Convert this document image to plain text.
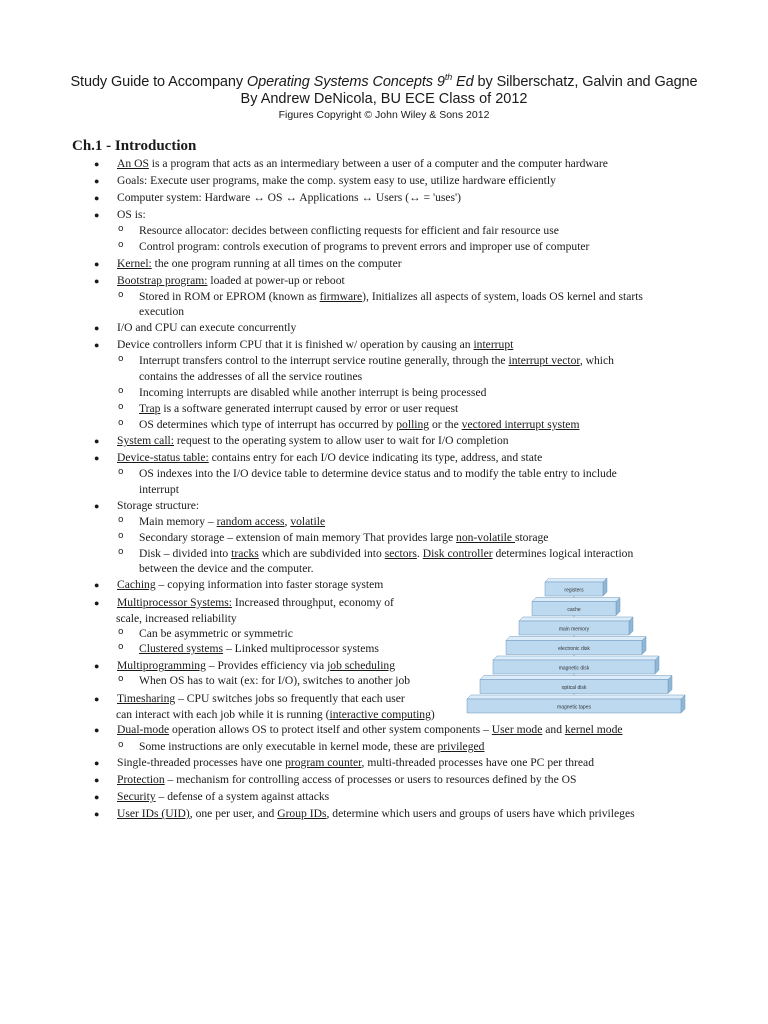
Study Guide to Accompany Operating Systems Concepts 9th Ed by Silberschatz, Galvin and Gagne
By Andrew DeNicola, BU ECE Class of 2012
Figures Copyright © John Wiley & Sons 2012
Ch.1 - Introduction
● An OS is a program that acts as an intermediary between a user of a computer and the computer hardware
● Goals: Execute user programs, make the comp. system easy to use, utilize hardware efficiently
● Computer system: Hardware ↔ OS ↔ Applications ↔ Users (↔ = 'uses')
● OS is:
o Resource allocator: decides between conflicting requests for efficient and fair resource use
o Control program: controls execution of programs to prevent errors and improper use of computer
● Kernel: the one program running at all times on the computer
● Bootstrap program: loaded at power-up or reboot
o Stored in ROM or EPROM (known as firmware), Initializes all aspects of system, loads OS kernel and starts
execution
● I/O and CPU can execute concurrently
● Device controllers inform CPU that it is finished w/ operation by causing an interrupt
o Interrupt transfers control to the interrupt service routine generally, through the interrupt vector, which
contains the addresses of all the service routines
o Incoming interrupts are disabled while another interrupt is being processed
o Trap is a software generated interrupt caused by error or user request
o OS determines which type of interrupt has occurred by polling or the vectored interrupt system
● System call: request to the operating system to allow user to wait for I/O completion
● Device-status table: contains entry for each I/O device indicating its type, address, and state
o OS indexes into the I/O device table to determine device status and to modify the table entry to include
interrupt
● Storage structure:
o Main memory – random access, volatile
o Secondary storage – extension of main memory That provides large non-volatile storage
o Disk – divided into tracks which are subdivided into sectors. Disk controller determines logical interaction
between the device and the computer.
● Caching – copying information into faster storage system
● Multiprocessor Systems: Increased throughput, economy of
scale, increased reliability
o Can be asymmetric or symmetric
o Clustered systems – Linked multiprocessor systems
● Multiprogramming – Provides efficiency via job scheduling
o When OS has to wait (ex: for I/O), switches to another job
● Timesharing – CPU switches jobs so frequently that each user
can interact with each job while it is running (interactive computing)
● Dual-mode operation allows OS to protect itself and other system components – User mode and kernel mode
o Some instructions are only executable in kernel mode, these are privileged
● Single-threaded processes have one program counter, multi-threaded processes have one PC per thread
● Protection – mechanism for controlling access of processes or users to resources defined by the OS
● Security – defense of a system against attacks
● User IDs (UID), one per user, and Group IDs, determine which users and groups of users have which privileges
registers
cache
main memory
electronic disk
magnetic disk
optical disk
magnetic tapes
